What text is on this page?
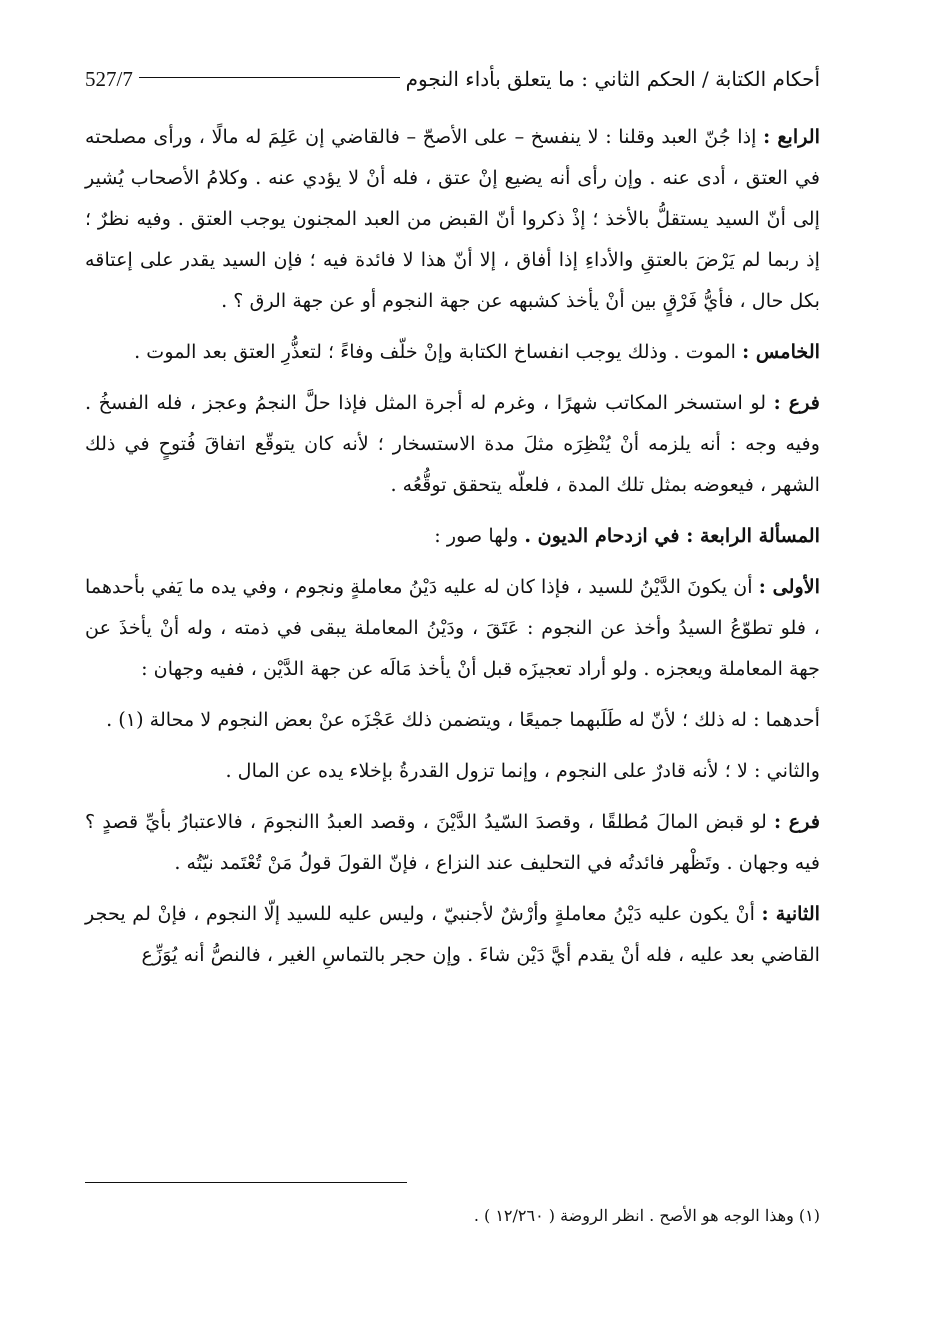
أحكام الكتابة / الحكم الثاني : ما يتعلق بأداء النجوم
527/7

الرابع : إذا جُنّ العبد وقلنا : لا ينفسخ – على الأصحّ – فالقاضي إن عَلِمَ له مالًا ، ورأى مصلحته في العتق ، أدى عنه . وإن رأى أنه يضيع إنْ عتق ، فله أنْ لا يؤدي عنه . وكلامُ الأصحاب يُشير إلى أنّ السيد يستقلُّ بالأخذ ؛ إذْ ذكروا أنّ القبض من العبد المجنون يوجب العتق . وفيه نظرٌ ؛ إذ ربما لم يَرْضَ بالعتقِ والأداءِ إذا أفاق ، إلا أنّ هذا لا فائدة فيه ؛ فإن السيد يقدر على إعتاقه بكل حال ، فأيُّ فَرْقٍ بين أنْ يأخذ كشبهه عن جهة النجوم أو عن جهة الرق ؟ .

الخامس : الموت . وذلك يوجب انفساخ الكتابة وإنْ خلّف وفاءً ؛ لتعذُّرِ العتق بعد الموت .

فرع : لو استسخر المكاتب شهرًا ، وغرم له أجرة المثل فإذا حلَّ النجمُ وعجز ، فله الفسخُ . وفيه وجه : أنه يلزمه أنْ يُنْظِرَه مثلَ مدة الاستسخار ؛ لأنه كان يتوقّع اتفاقَ فُتوحٍ في ذلك الشهر ، فيعوضه بمثل تلك المدة ، فلعلّه يتحقق توقُّعُه .

المسألة الرابعة : في ازدحام الديون . ولها صور :

الأولى : أن يكونَ الدَّيْنُ للسيد ، فإذا كان له عليه دَيْنُ معاملةٍ ونجوم ، وفي يده ما يَفي بأحدهما ، فلو تطوّعُ السيدُ وأخذ عن النجوم : عَتَقَ ، ودَيْنُ المعاملة يبقى في ذمته ، وله أنْ يأخذَ عن جهة المعاملة ويعجزه . ولو أراد تعجيزَه قبل أنْ يأخذ مَالَه عن جهة الدَّيْن ، ففيه وجهان :

أحدهما : له ذلك ؛ لأنّ له طَلَبهما جميعًا ، ويتضمن ذلك عَجْزَه عنْ بعض النجوم لا محالة (١) .

والثاني : لا ؛ لأنه قادرٌ على النجوم ، وإنما تزول القدرةُ بإخلاء يده عن المال .

فرع : لو قبض المالَ مُطلقًا ، وقصدَ السّيدُ الدَّيْنَ ، وقصد العبدُ االنجومَ ، فالاعتبارُ بأيِّ قصدٍ ؟ فيه وجهان . وتَظْهر فائدتُه في التحليف عند النزاع ، فإنّ القولَ قولُ مَنْ تُعْتَمد نيّتُه .

الثانية : أنْ يكون عليه دَيْنُ معاملةٍ وأرْشٌ لأجنبيّ ، وليس عليه للسيد إلّا النجوم ، فإنْ لم يحجر القاضي بعد عليه ، فله أنْ يقدم أيَّ دَيْن شاءَ . وإن حجر بالتماسِ الغير ، فالنصُّ أنه يُوَزِّع

(١) وهذا الوجه هو الأصح . انظر الروضة ( ١٢/٢٦٠ ) .
